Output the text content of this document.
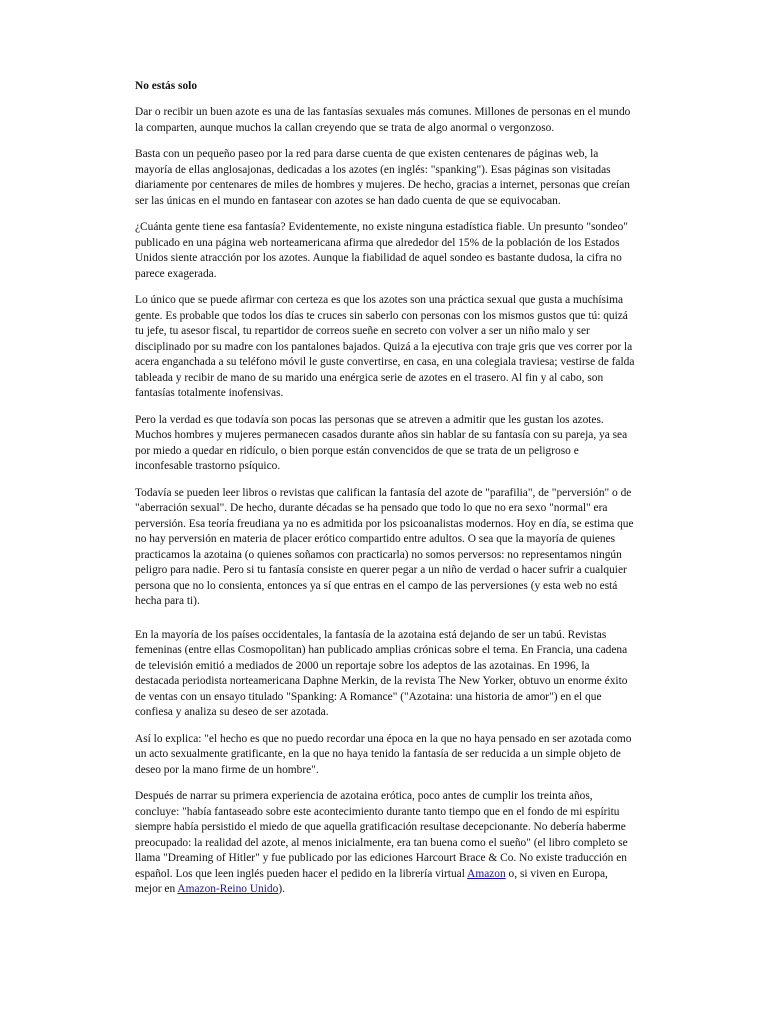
No estás solo

Dar o recibir un buen azote es una de las fantasías sexuales más comunes. Millones de personas en el mundo la comparten, aunque muchos la callan creyendo que se trata de algo anormal o vergonzoso.

Basta con un pequeño paseo por la red para darse cuenta de que existen centenares de páginas web, la mayoría de ellas anglosajonas, dedicadas a los azotes (en inglés: "spanking"). Esas páginas son visitadas diariamente por centenares de miles de hombres y mujeres. De hecho, gracias a internet, personas que creían ser las únicas en el mundo en fantasear con azotes se han dado cuenta de que se equivocaban.

¿Cuánta gente tiene esa fantasía? Evidentemente, no existe ninguna estadística fiable. Un presunto "sondeo" publicado en una página web norteamericana afirma que alrededor del 15% de la población de los Estados Unidos siente atracción por los azotes. Aunque la fiabilidad de aquel sondeo es bastante dudosa, la cifra no parece exagerada.

Lo único que se puede afirmar con certeza es que los azotes son una práctica sexual que gusta a muchísima gente. Es probable que todos los días te cruces sin saberlo con personas con los mismos gustos que tú: quizá tu jefe, tu asesor fiscal, tu repartidor de correos sueñe en secreto con volver a ser un niño malo y ser disciplinado por su madre con los pantalones bajados. Quizá a la ejecutiva con traje gris que ves correr por la acera enganchada a su teléfono móvil le guste convertirse, en casa, en una colegiala traviesa; vestirse de falda tableada y recibir de mano de su marido una enérgica serie de azotes en el trasero. Al fin y al cabo, son fantasías totalmente inofensivas.

Pero la verdad es que todavía son pocas las personas que se atreven a admitir que les gustan los azotes. Muchos hombres y mujeres permanecen casados durante años sin hablar de su fantasía con su pareja, ya sea por miedo a quedar en ridículo, o bien porque están convencidos de que se trata de un peligroso e inconfesable trastorno psíquico.

Todavía se pueden leer libros o revistas que califican la fantasía del azote de "parafilia", de "perversión" o de "aberración sexual". De hecho, durante décadas se ha pensado que todo lo que no era sexo "normal" era perversión. Esa teoría freudiana ya no es admitida por los psicoanalistas modernos. Hoy en día, se estima que no hay perversión en materia de placer erótico compartido entre adultos. O sea que la mayoría de quienes practicamos la azotaina (o quienes soñamos con practicarla) no somos perversos: no representamos ningún peligro para nadie. Pero si tu fantasía consiste en querer pegar a un niño de verdad o hacer sufrir a cualquier persona que no lo consienta, entonces ya sí que entras en el campo de las perversiones (y esta web no está hecha para ti).

En la mayoría de los países occidentales, la fantasía de la azotaina está dejando de ser un tabú. Revistas femeninas (entre ellas Cosmopolitan) han publicado amplias crónicas sobre el tema. En Francia, una cadena de televisión emitió a mediados de 2000 un reportaje sobre los adeptos de las azotainas. En 1996, la destacada periodista norteamericana Daphne Merkin, de la revista The New Yorker, obtuvo un enorme éxito de ventas con un ensayo titulado "Spanking: A Romance" ("Azotaina: una historia de amor") en el que confiesa y analiza su deseo de ser azotada.

Así lo explica: "el hecho es que no puedo recordar una época en la que no haya pensado en ser azotada como un acto sexualmente gratificante, en la que no haya tenido la fantasía de ser reducida a un simple objeto de deseo por la mano firme de un hombre".

Después de narrar su primera experiencia de azotaina erótica, poco antes de cumplir los treinta años, concluye: "había fantaseado sobre este acontecimiento durante tanto tiempo que en el fondo de mi espíritu siempre había persistido el miedo de que aquella gratificación resultase decepcionante. No debería haberme preocupado: la realidad del azote, al menos inicialmente, era tan buena como el sueño" (el libro completo se llama "Dreaming of Hitler" y fue publicado por las ediciones Harcourt Brace & Co. No existe traducción en español. Los que leen inglés pueden hacer el pedido en la librería virtual Amazon o, si viven en Europa, mejor en Amazon-Reino Unido).
